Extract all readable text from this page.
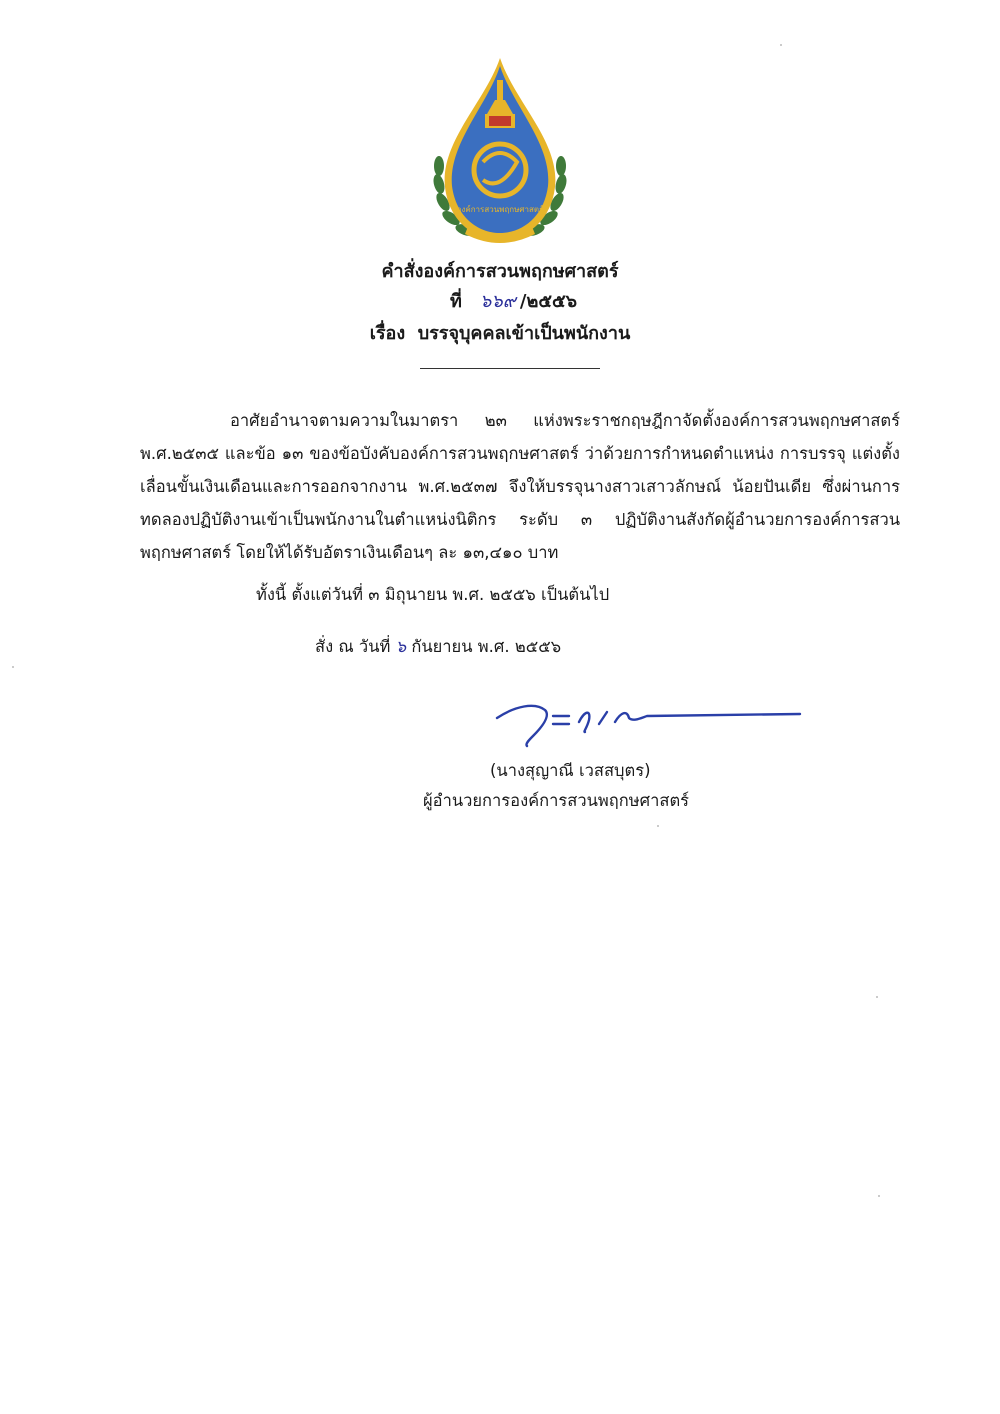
องค์การสวนพฤกษศาสตร์
คำสั่งองค์การสวนพฤกษศาสตร์
ที่ ๖๖๙ /๒๕๕๖
เรื่อง บรรจุบุคคลเข้าเป็นพนักงาน

อาศัยอำนาจตามความในมาตรา ๒๓ แห่งพระราชกฤษฎีกาจัดตั้งองค์การสวนพฤกษศาสตร์ พ.ศ.๒๕๓๕ และข้อ ๑๓ ของข้อบังคับองค์การสวนพฤกษศาสตร์ ว่าด้วยการกำหนดตำแหน่ง การบรรจุ แต่งตั้ง เลื่อนขั้นเงินเดือนและการออกจากงาน พ.ศ.๒๕๓๗ จึงให้บรรจุนางสาวเสาวลักษณ์ น้อยปันเดีย ซึ่งผ่านการทดลองปฏิบัติงานเข้าเป็นพนักงานในตำแหน่งนิติกร ระดับ ๓ ปฏิบัติงานสังกัดผู้อำนวยการองค์การสวนพฤกษศาสตร์ โดยให้ได้รับอัตราเงินเดือนๆ ละ ๑๓,๔๑๐ บาท

ทั้งนี้ ตั้งแต่วันที่ ๓ มิถุนายน พ.ศ. ๒๕๕๖ เป็นต้นไป
สั่ง ณ วันที่ ๖ กันยายน พ.ศ. ๒๕๕๖
(นางสุญาณี เวสสบุตร)
ผู้อำนวยการองค์การสวนพฤกษศาสตร์
